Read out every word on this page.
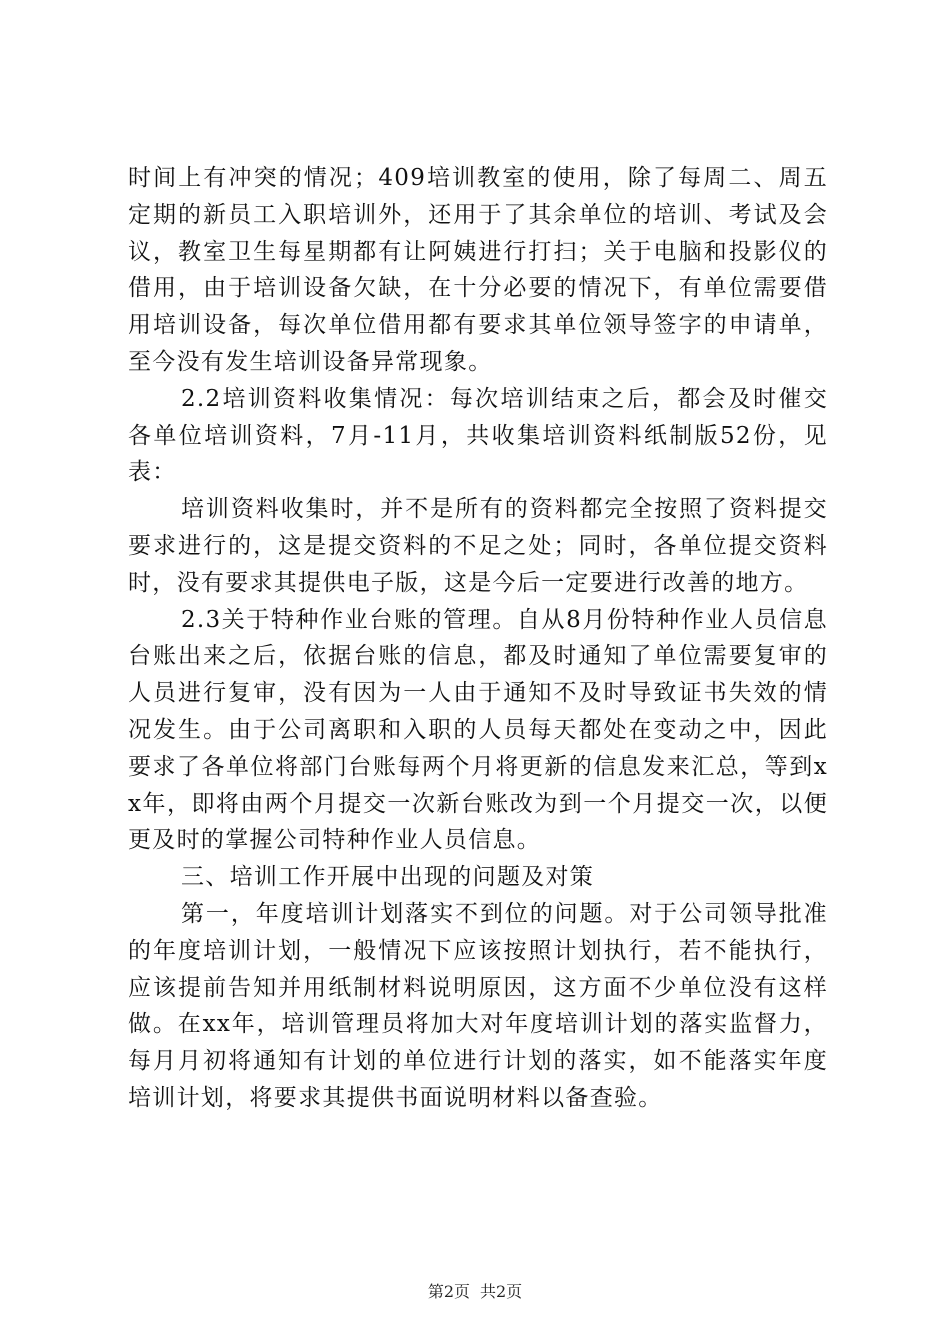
时间上有冲突的情况；409培训教室的使用，除了每周二、周五定期的新员工入职培训外，还用于了其余单位的培训、考试及会议，教室卫生每星期都有让阿姨进行打扫；关于电脑和投影仪的借用，由于培训设备欠缺，在十分必要的情况下，有单位需要借用培训设备，每次单位借用都有要求其单位领导签字的申请单，至今没有发生培训设备异常现象。

2.2培训资料收集情况：每次培训结束之后，都会及时催交各单位培训资料，7月-11月，共收集培训资料纸制版52份，见表：

培训资料收集时，并不是所有的资料都完全按照了资料提交要求进行的，这是提交资料的不足之处；同时，各单位提交资料时，没有要求其提供电子版，这是今后一定要进行改善的地方。

2.3关于特种作业台账的管理。自从8月份特种作业人员信息台账出来之后，依据台账的信息，都及时通知了单位需要复审的人员进行复审，没有因为一人由于通知不及时导致证书失效的情况发生。由于公司离职和入职的人员每天都处在变动之中，因此要求了各单位将部门台账每两个月将更新的信息发来汇总，等到xx年，即将由两个月提交一次新台账改为到一个月提交一次，以便更及时的掌握公司特种作业人员信息。

三、培训工作开展中出现的问题及对策

第一，年度培训计划落实不到位的问题。对于公司领导批准的年度培训计划，一般情况下应该按照计划执行，若不能执行，应该提前告知并用纸制材料说明原因，这方面不少单位没有这样做。在xx年，培训管理员将加大对年度培训计划的落实监督力，每月月初将通知有计划的单位进行计划的落实，如不能落实年度培训计划，将要求其提供书面说明材料以备查验。

第2页 共2页
